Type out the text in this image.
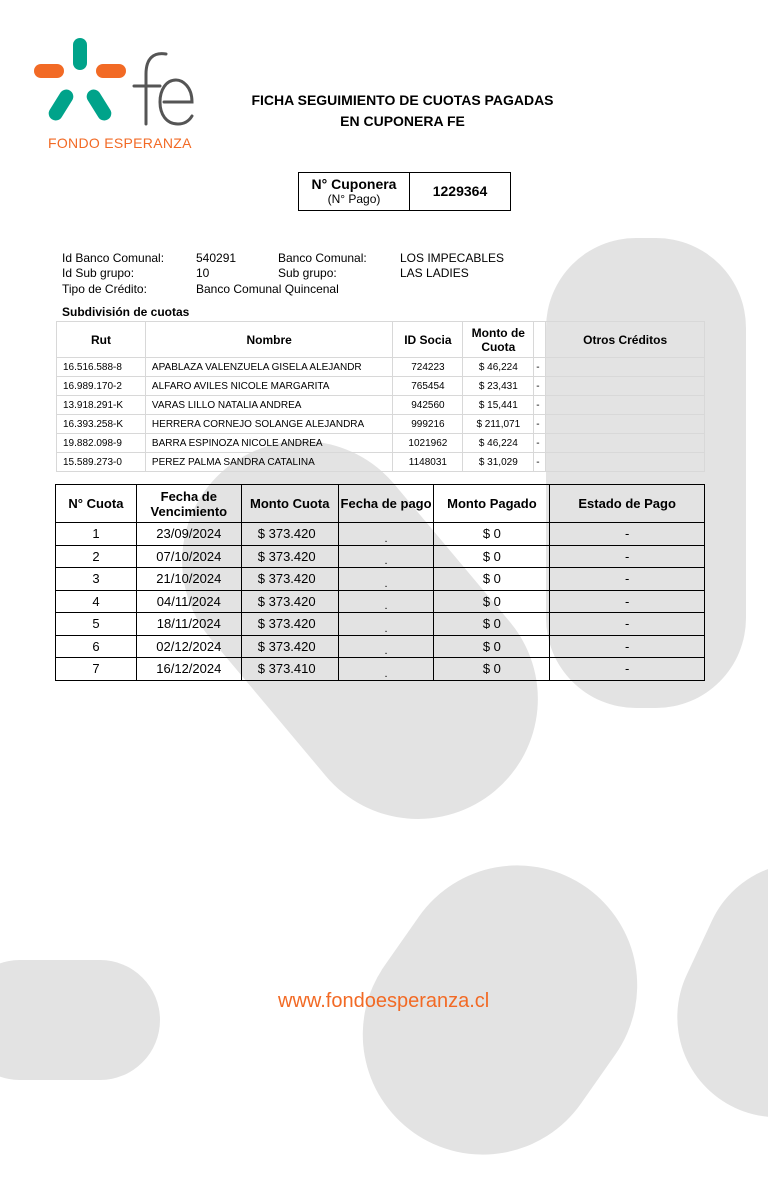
FONDO ESPERANZA
FICHA SEGUIMIENTO DE CUOTAS PAGADAS
EN CUPONERA FE
N° Cuponera
(N° Pago)	1229364
Id Banco Comunal:	540291	Banco Comunal:	LOS IMPECABLES
Id Sub grupo:	10	Sub grupo:	LAS LADIES
Tipo de Crédito:	Banco Comunal Quincenal
Subdivisión de cuotas
Rut	Nombre	ID Socia	Monto de Cuota		Otros Créditos
16.516.588-8	APABLAZA VALENZUELA GISELA ALEJANDR	724223	$ 46,224	-	
16.989.170-2	ALFARO AVILES NICOLE MARGARITA	765454	$ 23,431	-	
13.918.291-K	VARAS LILLO NATALIA ANDREA	942560	$ 15,441	-	
16.393.258-K	HERRERA CORNEJO SOLANGE ALEJANDRA	999216	$ 211,071	-	
19.882.098-9	BARRA ESPINOZA NICOLE ANDREA	1021962	$ 46,224	-	
15.589.273-0	PEREZ PALMA SANDRA CATALINA	1148031	$ 31,029	-	
N° Cuota	Fecha de Vencimiento	Monto Cuota	Fecha de pago	Monto Pagado	Estado de Pago
1	23/09/2024	$ 373.420	.	$ 0	-
2	07/10/2024	$ 373.420	.	$ 0	-
3	21/10/2024	$ 373.420	.	$ 0	-
4	04/11/2024	$ 373.420	.	$ 0	-
5	18/11/2024	$ 373.420	.	$ 0	-
6	02/12/2024	$ 373.420	.	$ 0	-
7	16/12/2024	$ 373.410	.	$ 0	-
www.fondoesperanza.cl
